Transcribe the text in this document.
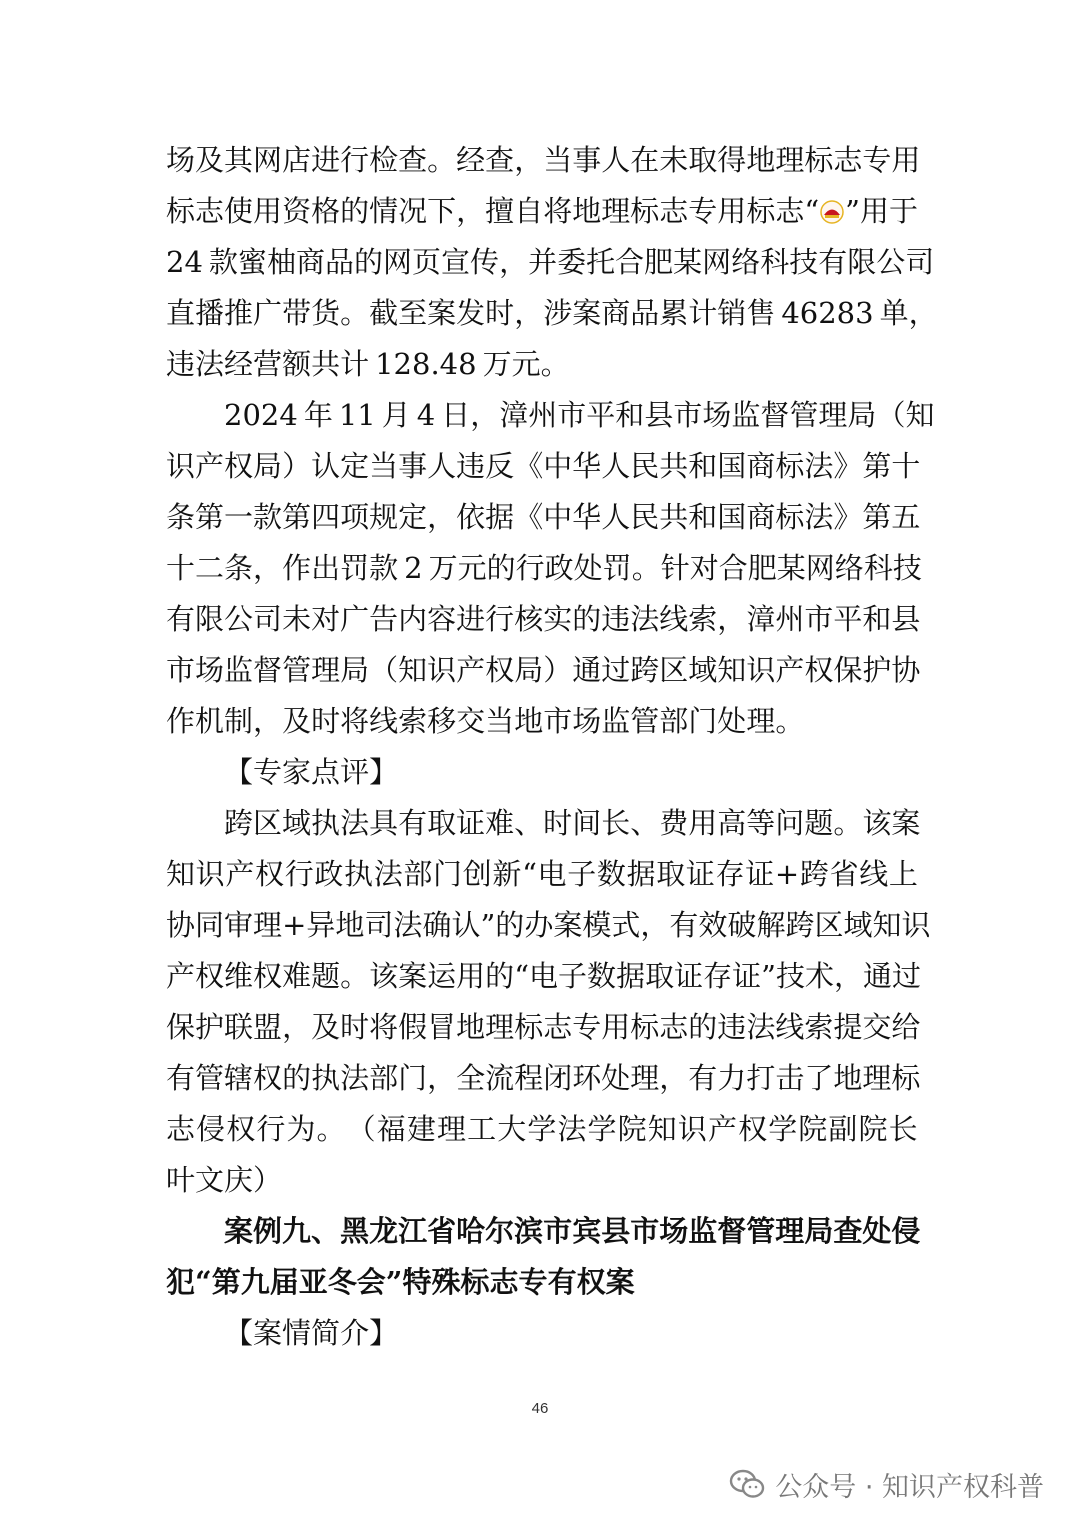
场 及 其 网 店 进 行 检 查 。 经 查 ， 当 事 人 在 未 取 得 地 理 标 志 专 用
标 志 使 用 资 格 的 情 况 下 ， 擅 自 将 地 理 标 志 专 用 标 志 “ ” 用 于
24
款 蜜 柚 商 品 的 网 页 宣 传 ， 并 委 托 合 肥 某 网 络 科 技 有 限 公 司
直 播 推 广 带 货 。 截 至 案 发 时 ， 涉 案 商 品 累 计 销 售
46283
单 ，
违 法 经 营 额 共 计
128.48
万 元 。
2024
年
11
月
4
日 ， 漳 州 市 平 和 县 市 场 监 督 管 理 局 （ 知
识 产 权 局 ） 认 定 当 事 人 违 反 《 中 华 人 民 共 和 国 商 标 法 》 第 十
条 第 一 款 第 四 项 规 定 ， 依 据 《 中 华 人 民 共 和 国 商 标 法 》 第 五
十 二 条 ， 作 出 罚 款
2
万 元 的 行 政 处 罚 。 针 对 合 肥 某 网 络 科 技
有 限 公 司 未 对 广 告 内 容 进 行 核 实 的 违 法 线 索 ， 漳 州 市 平 和 县
市 场 监 督 管 理 局 （ 知 识 产 权 局 ） 通 过 跨 区 域 知 识 产 权 保 护 协
作 机 制 ， 及 时 将 线 索 移 交 当 地 市 场 监 管 部 门 处 理 。
【 专 家 点 评 】
跨 区 域 执 法 具 有 取 证 难 、 时 间 长 、 费 用 高 等 问 题 。 该 案
知 识 产 权 行 政 执 法 部 门 创 新 “ 电 子 数 据 取 证 存 证 + 跨 省 线 上
协 同 审 理 + 异 地 司 法 确 认 ” 的 办 案 模 式 ， 有 效 破 解 跨 区 域 知 识
产 权 维 权 难 题 。 该 案 运 用 的 “ 电 子 数 据 取 证 存 证 ” 技 术 ， 通 过
保 护 联 盟 ， 及 时 将 假 冒 地 理 标 志 专 用 标 志 的 违 法 线 索 提 交 给
有 管 辖 权 的 执 法 部 门 ， 全 流 程 闭 环 处 理 ， 有 力 打 击 了 地 理 标
志 侵 权 行 为 。 （ 福 建 理 工 大 学 法 学 院 知 识 产 权 学 院 副 院 长
叶 文 庆 ）
案 例 九 、 黑 龙 江 省 哈 尔 滨 市 宾 县 市 场 监 督 管 理 局 查 处 侵
犯 “ 第 九 届 亚 冬 会 ” 特 殊 标 志 专 有 权 案
【 案 情 简 介 】
46
公众号 · 知识产权科普
